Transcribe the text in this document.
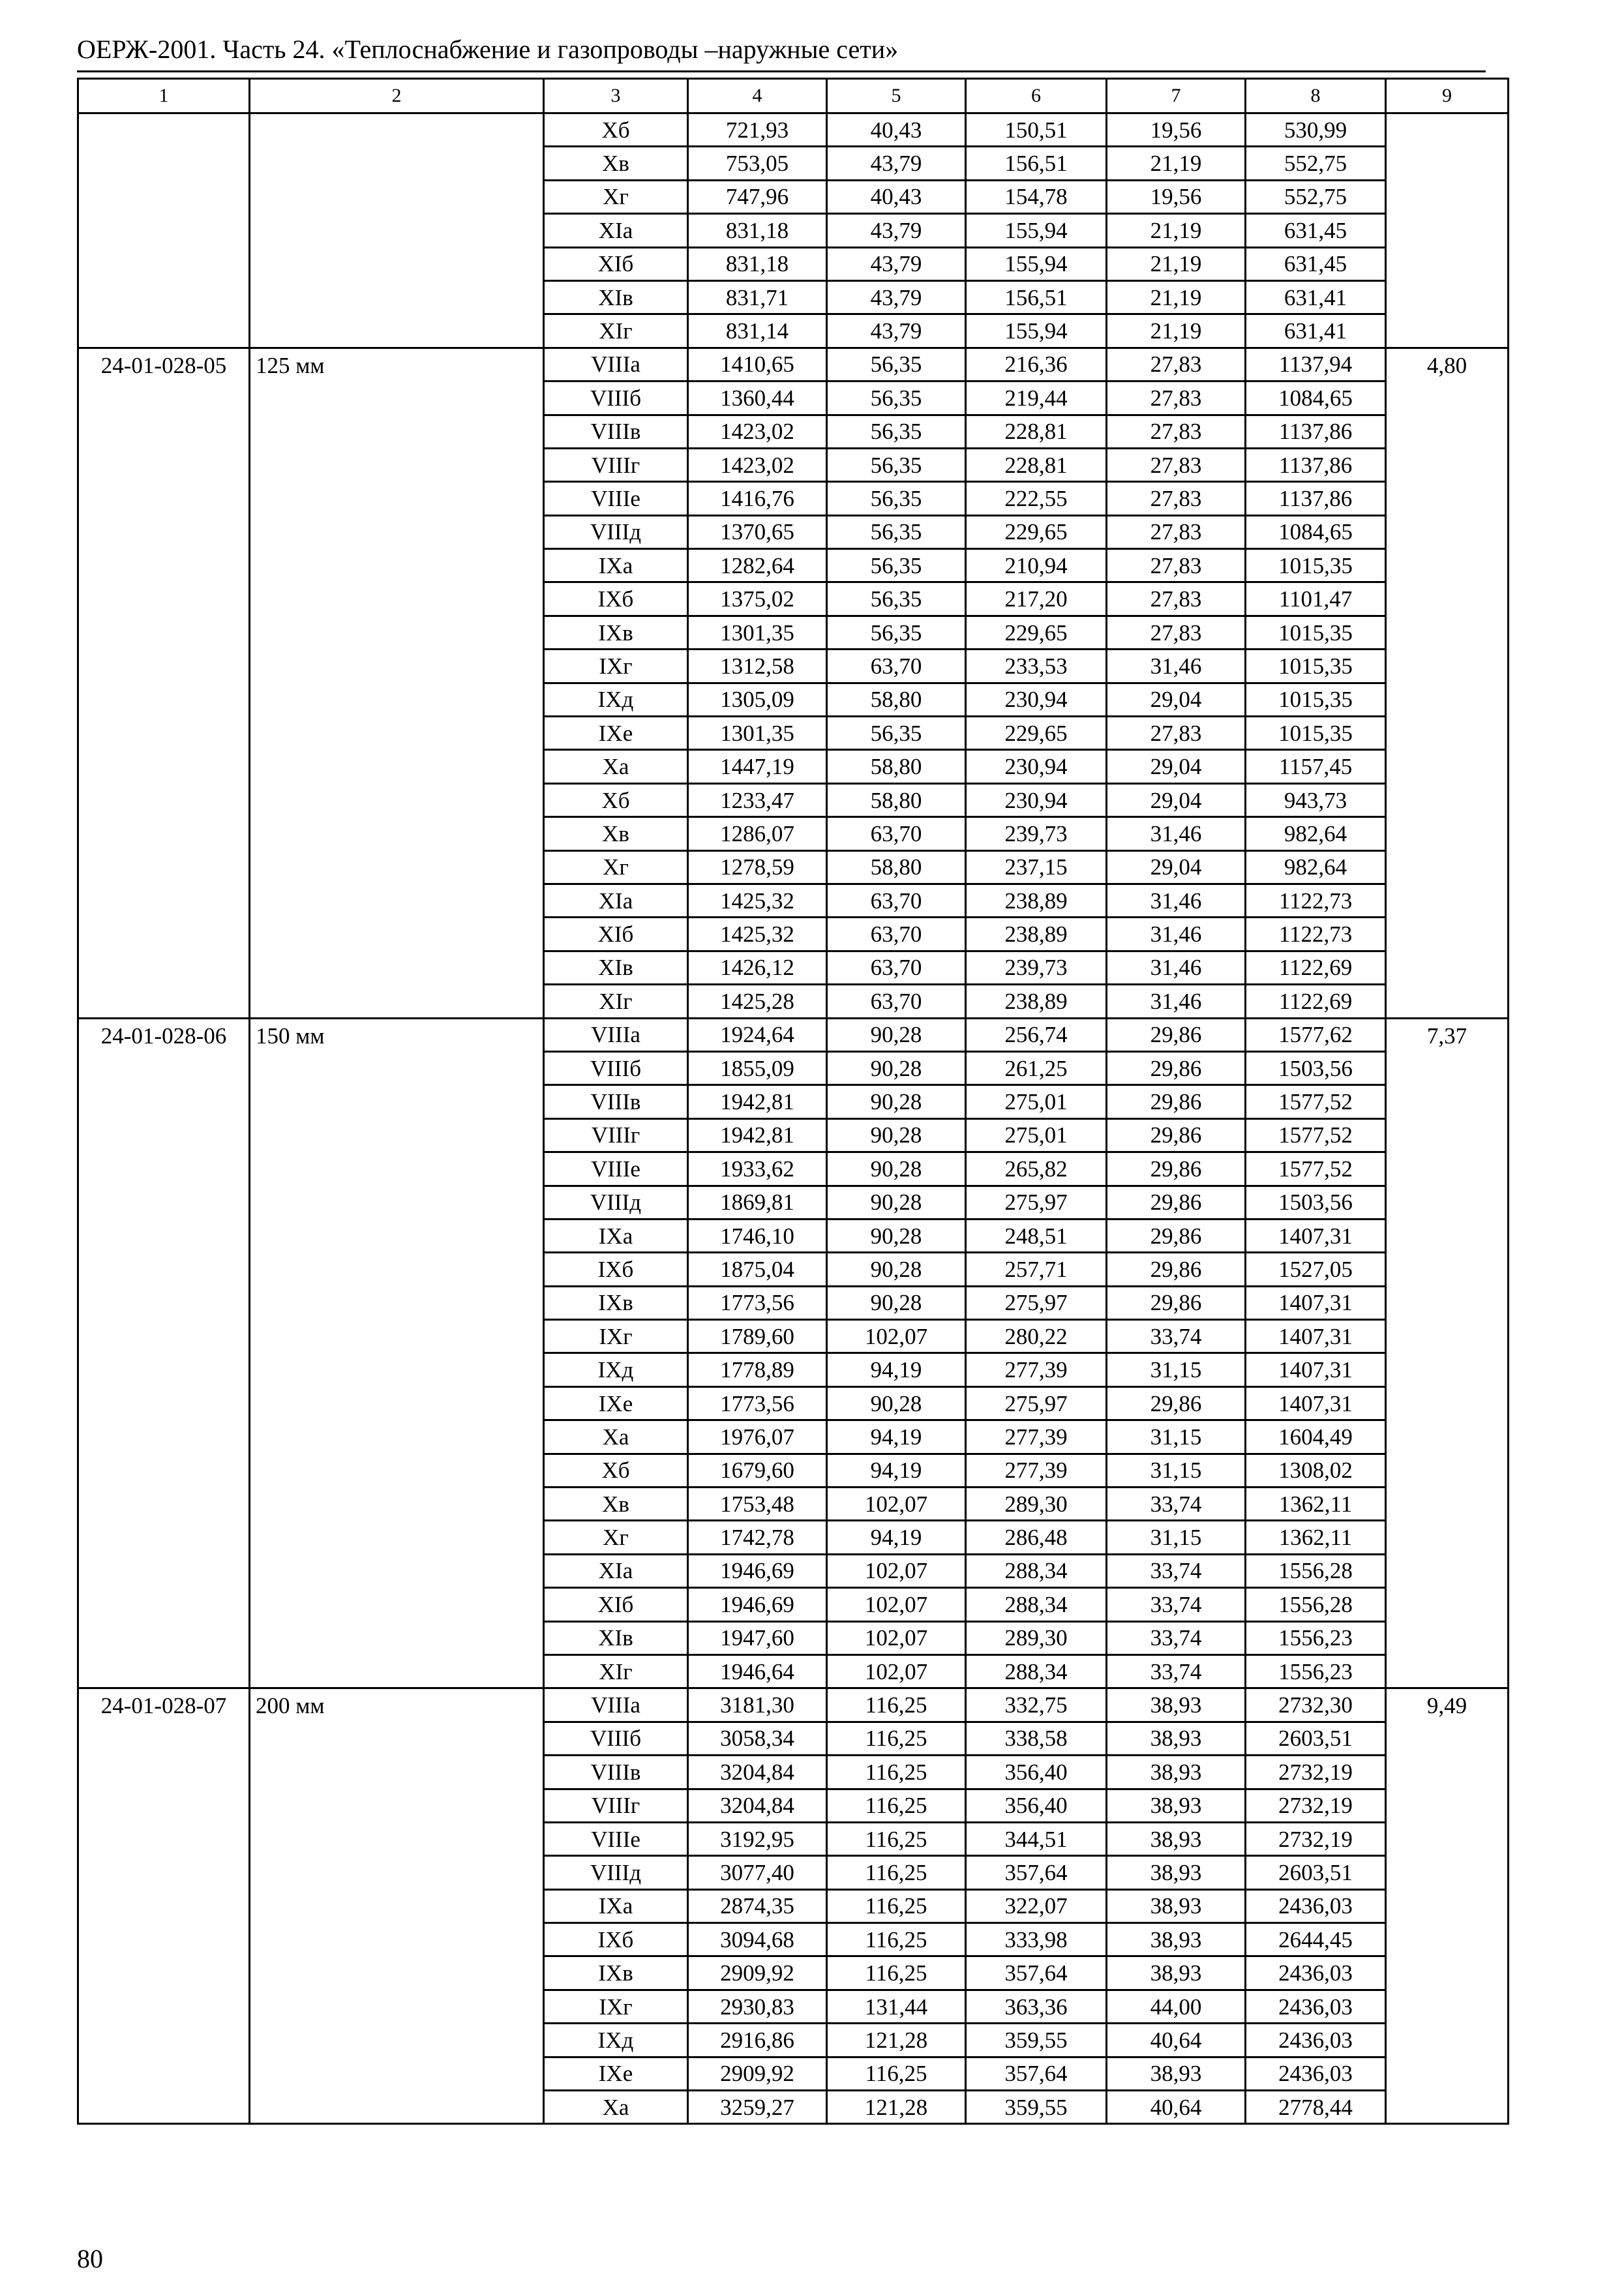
ОЕРЖ-2001. Часть 24. «Теплоснабжение и газопроводы –наружные сети»
1	2	3	4	5	6	7	8	9
		Xб	721,93	40,43	150,51	19,56	530,99	
		Xв	753,05	43,79	156,51	21,19	552,75	
		Xг	747,96	40,43	154,78	19,56	552,75	
		XIа	831,18	43,79	155,94	21,19	631,45	
		XIб	831,18	43,79	155,94	21,19	631,45	
		XIв	831,71	43,79	156,51	21,19	631,41	
		XIг	831,14	43,79	155,94	21,19	631,41	
24-01-028-05	125 мм	VIIIа	1410,65	56,35	216,36	27,83	1137,94	4,80
		VIIIб	1360,44	56,35	219,44	27,83	1084,65	
		VIIIв	1423,02	56,35	228,81	27,83	1137,86	
		VIIIг	1423,02	56,35	228,81	27,83	1137,86	
		VIIIе	1416,76	56,35	222,55	27,83	1137,86	
		VIIIд	1370,65	56,35	229,65	27,83	1084,65	
		IXа	1282,64	56,35	210,94	27,83	1015,35	
		IXб	1375,02	56,35	217,20	27,83	1101,47	
		IXв	1301,35	56,35	229,65	27,83	1015,35	
		IXг	1312,58	63,70	233,53	31,46	1015,35	
		IXд	1305,09	58,80	230,94	29,04	1015,35	
		IXе	1301,35	56,35	229,65	27,83	1015,35	
		Xа	1447,19	58,80	230,94	29,04	1157,45	
		Xб	1233,47	58,80	230,94	29,04	943,73	
		Xв	1286,07	63,70	239,73	31,46	982,64	
		Xг	1278,59	58,80	237,15	29,04	982,64	
		XIа	1425,32	63,70	238,89	31,46	1122,73	
		XIб	1425,32	63,70	238,89	31,46	1122,73	
		XIв	1426,12	63,70	239,73	31,46	1122,69	
		XIг	1425,28	63,70	238,89	31,46	1122,69	
24-01-028-06	150 мм	VIIIа	1924,64	90,28	256,74	29,86	1577,62	7,37
		VIIIб	1855,09	90,28	261,25	29,86	1503,56	
		VIIIв	1942,81	90,28	275,01	29,86	1577,52	
		VIIIг	1942,81	90,28	275,01	29,86	1577,52	
		VIIIе	1933,62	90,28	265,82	29,86	1577,52	
		VIIIд	1869,81	90,28	275,97	29,86	1503,56	
		IXа	1746,10	90,28	248,51	29,86	1407,31	
		IXб	1875,04	90,28	257,71	29,86	1527,05	
		IXв	1773,56	90,28	275,97	29,86	1407,31	
		IXг	1789,60	102,07	280,22	33,74	1407,31	
		IXд	1778,89	94,19	277,39	31,15	1407,31	
		IXе	1773,56	90,28	275,97	29,86	1407,31	
		Xа	1976,07	94,19	277,39	31,15	1604,49	
		Xб	1679,60	94,19	277,39	31,15	1308,02	
		Xв	1753,48	102,07	289,30	33,74	1362,11	
		Xг	1742,78	94,19	286,48	31,15	1362,11	
		XIа	1946,69	102,07	288,34	33,74	1556,28	
		XIб	1946,69	102,07	288,34	33,74	1556,28	
		XIв	1947,60	102,07	289,30	33,74	1556,23	
		XIг	1946,64	102,07	288,34	33,74	1556,23	
24-01-028-07	200 мм	VIIIа	3181,30	116,25	332,75	38,93	2732,30	9,49
		VIIIб	3058,34	116,25	338,58	38,93	2603,51	
		VIIIв	3204,84	116,25	356,40	38,93	2732,19	
		VIIIг	3204,84	116,25	356,40	38,93	2732,19	
		VIIIе	3192,95	116,25	344,51	38,93	2732,19	
		VIIIд	3077,40	116,25	357,64	38,93	2603,51	
		IXа	2874,35	116,25	322,07	38,93	2436,03	
		IXб	3094,68	116,25	333,98	38,93	2644,45	
		IXв	2909,92	116,25	357,64	38,93	2436,03	
		IXг	2930,83	131,44	363,36	44,00	2436,03	
		IXд	2916,86	121,28	359,55	40,64	2436,03	
		IXе	2909,92	116,25	357,64	38,93	2436,03	
		Xа	3259,27	121,28	359,55	40,64	2778,44	
80
